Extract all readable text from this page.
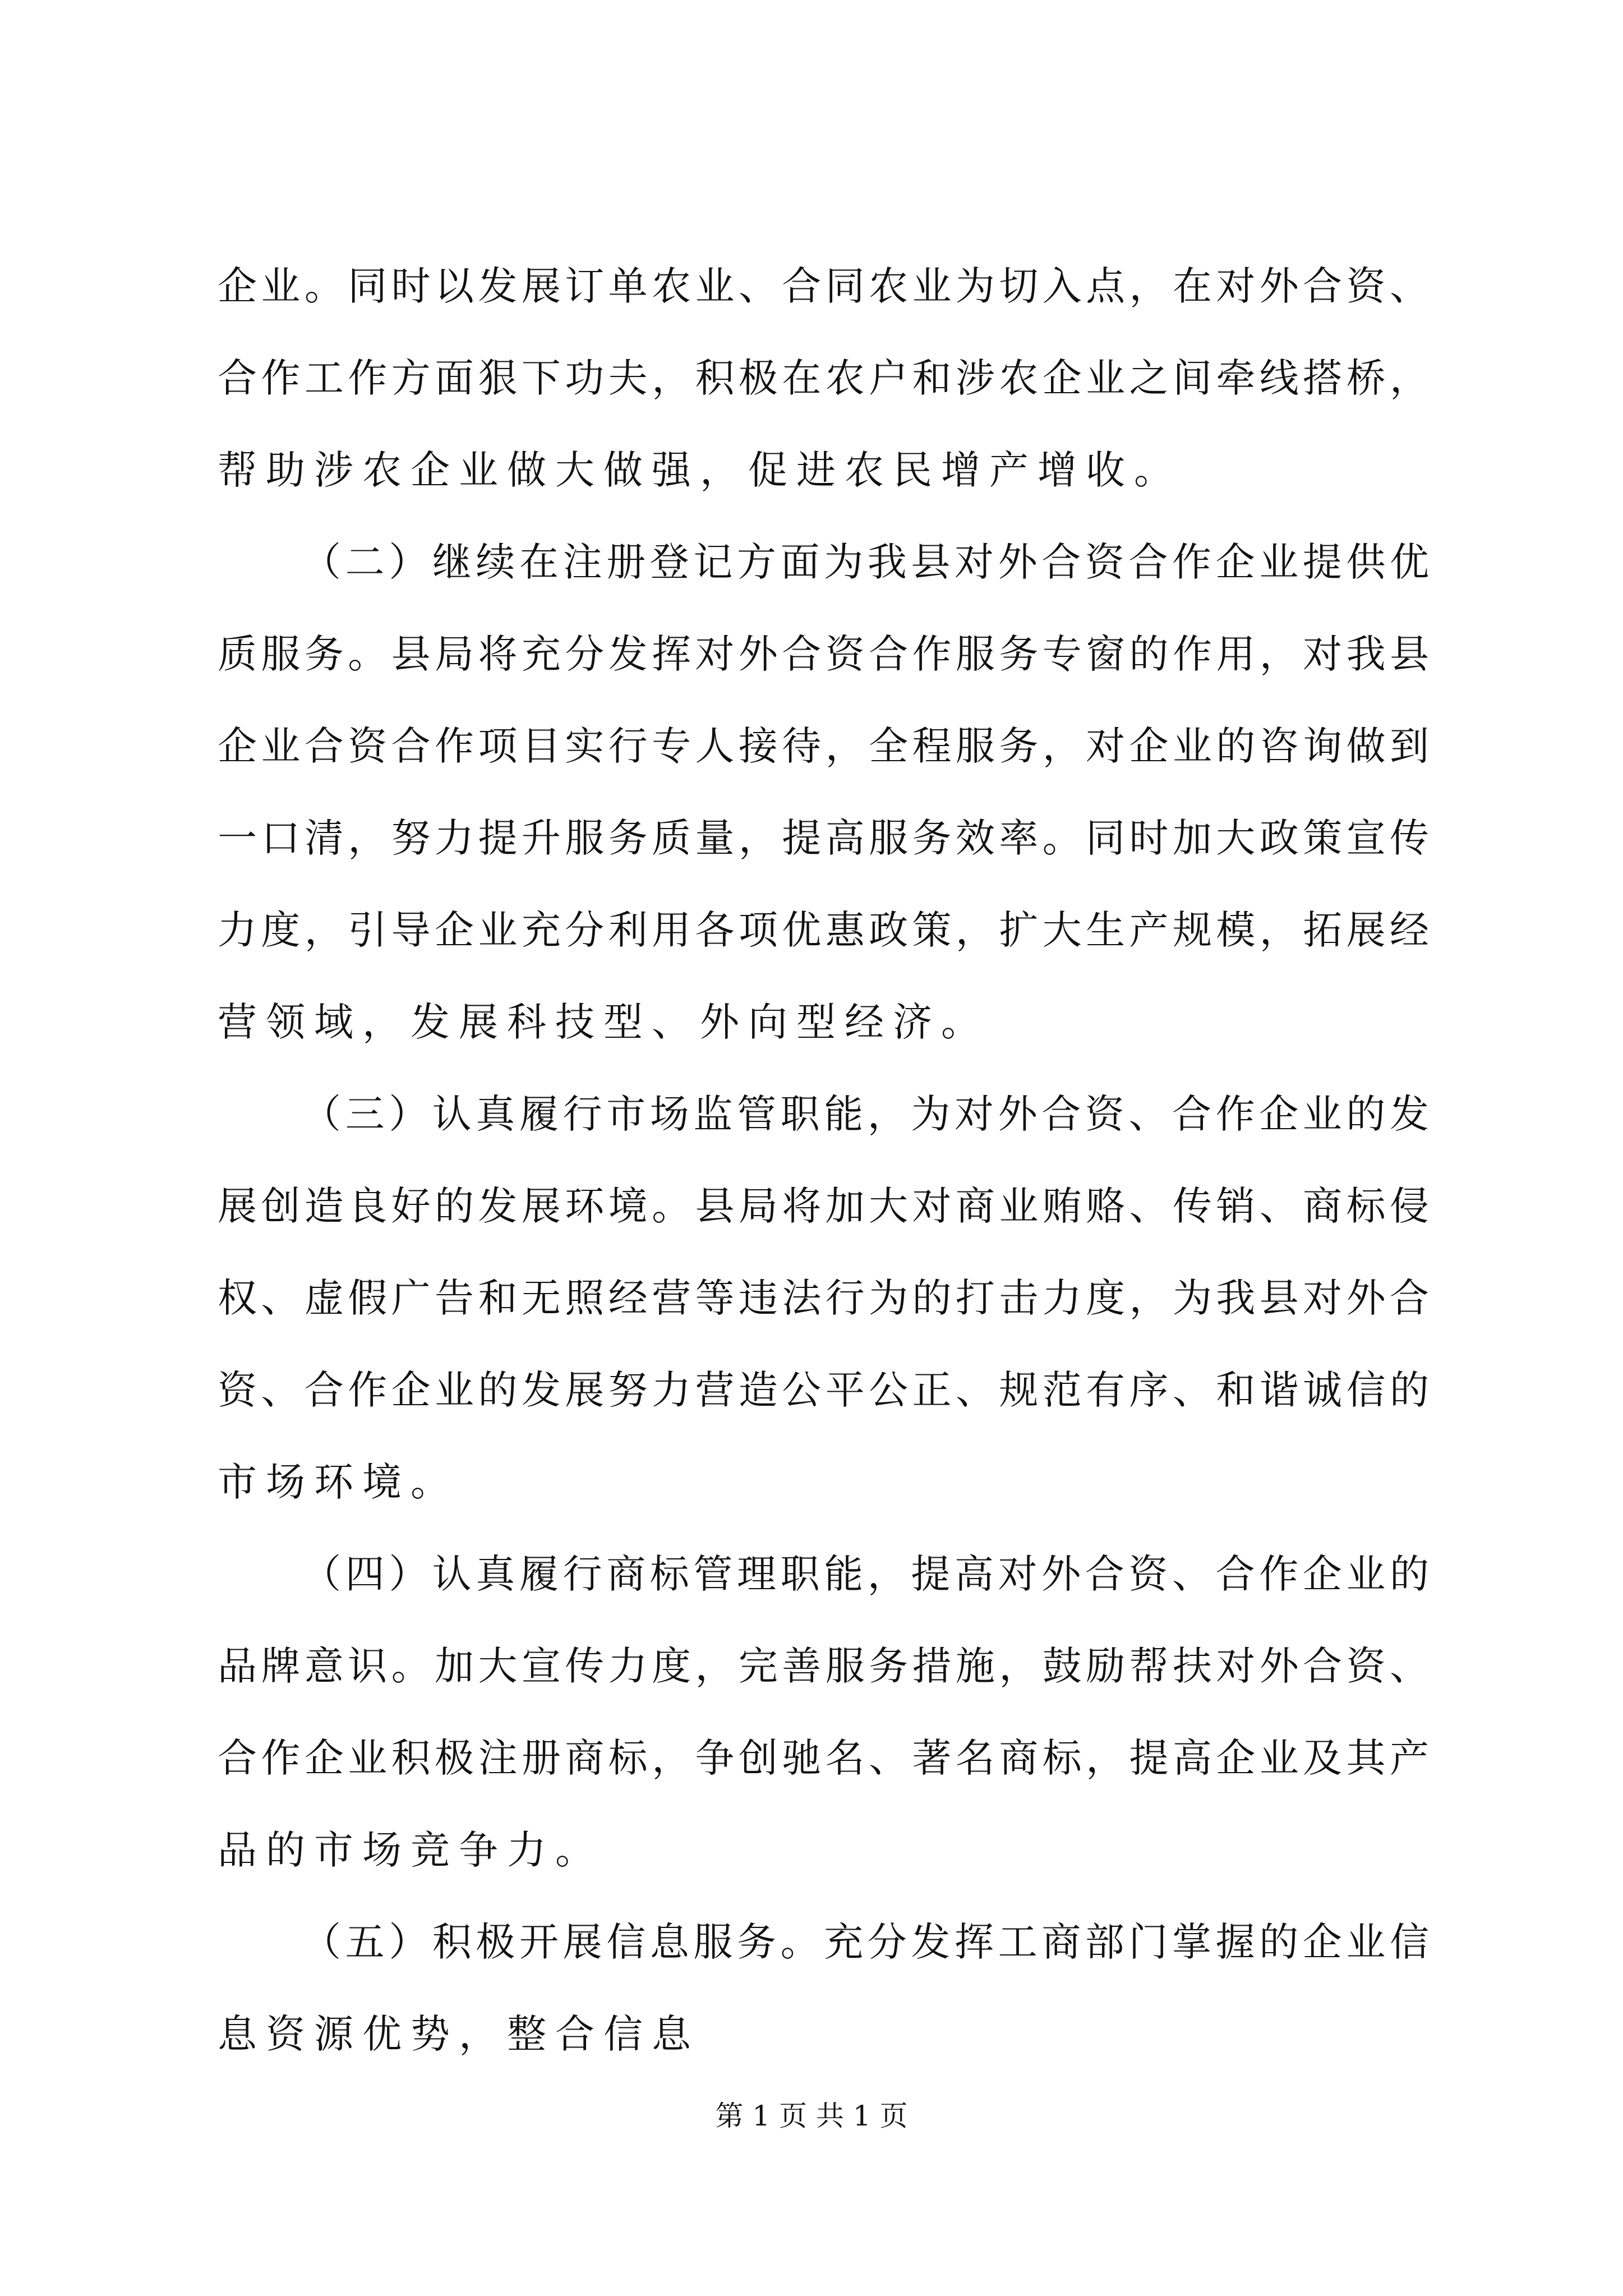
企业。同时以发展订单农业、合同农业为切入点，在对外合资、
合作工作方面狠下功夫，积极在农户和涉农企业之间牵线搭桥，
帮助涉农企业做大做强，促进农民增产增收。
（二）继续在注册登记方面为我县对外合资合作企业提供优
质服务。县局将充分发挥对外合资合作服务专窗的作用，对我县
企业合资合作项目实行专人接待，全程服务，对企业的咨询做到
一口清，努力提升服务质量，提高服务效率。同时加大政策宣传
力度，引导企业充分利用各项优惠政策，扩大生产规模，拓展经
营领域，发展科技型、外向型经济。
（三）认真履行市场监管职能，为对外合资、合作企业的发
展创造良好的发展环境。县局将加大对商业贿赂、传销、商标侵
权、虚假广告和无照经营等违法行为的打击力度，为我县对外合
资、合作企业的发展努力营造公平公正、规范有序、和谐诚信的
市场环境。
（四）认真履行商标管理职能，提高对外合资、合作企业的
品牌意识。加大宣传力度，完善服务措施，鼓励帮扶对外合资、
合作企业积极注册商标，争创驰名、著名商标，提高企业及其产
品的市场竞争力。
（五）积极开展信息服务。充分发挥工商部门掌握的企业信
息资源优势，整合信息
第 1 页 共 1 页
